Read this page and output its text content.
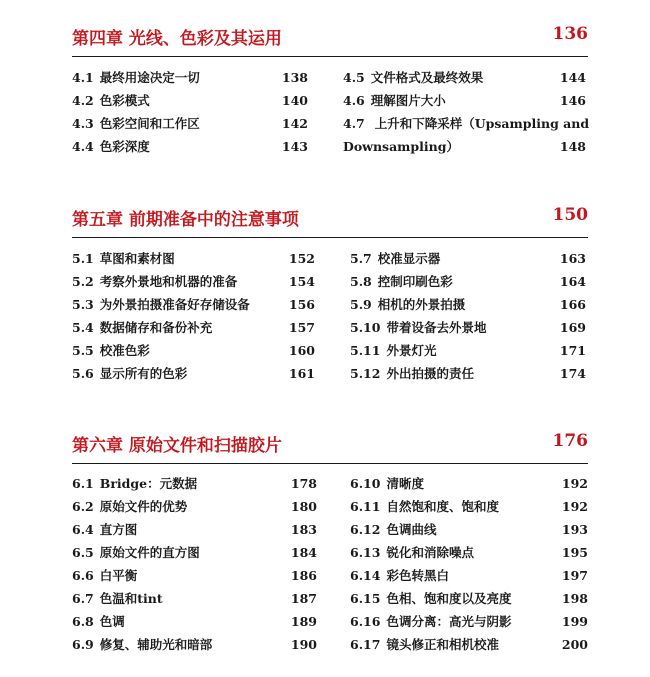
第四章 光线、色彩及其运用	136
4.1 最终用途决定一切	138
4.2 色彩模式	140
4.3 色彩空间和工作区	142
4.4 色彩深度	143
4.5 文件格式及最终效果	144
4.6 理解图片大小	146
4.7 上升和下降采样（Upsampling and
Downsampling）	148
第五章 前期准备中的注意事项	150
5.1 草图和素材图	152
5.2 考察外景地和机器的准备	154
5.3 为外景拍摄准备好存储设备	156
5.4 数据储存和备份补充	157
5.5 校准色彩	160
5.6 显示所有的色彩	161
5.7 校准显示器	163
5.8 控制印刷色彩	164
5.9 相机的外景拍摄	166
5.10 带着设备去外景地	169
5.11 外景灯光	171
5.12 外出拍摄的责任	174
第六章 原始文件和扫描胶片	176
6.1 Bridge：元数据	178
6.2 原始文件的优势	180
6.4 直方图	183
6.5 原始文件的直方图	184
6.6 白平衡	186
6.7 色温和tint	187
6.8 色调	189
6.9 修复、辅助光和暗部	190
6.10 清晰度	192
6.11 自然饱和度、饱和度	192
6.12 色调曲线	193
6.13 锐化和消除噪点	195
6.14 彩色转黑白	197
6.15 色相、饱和度以及亮度	198
6.16 色调分离：高光与阴影	199
6.17 镜头修正和相机校准	200
